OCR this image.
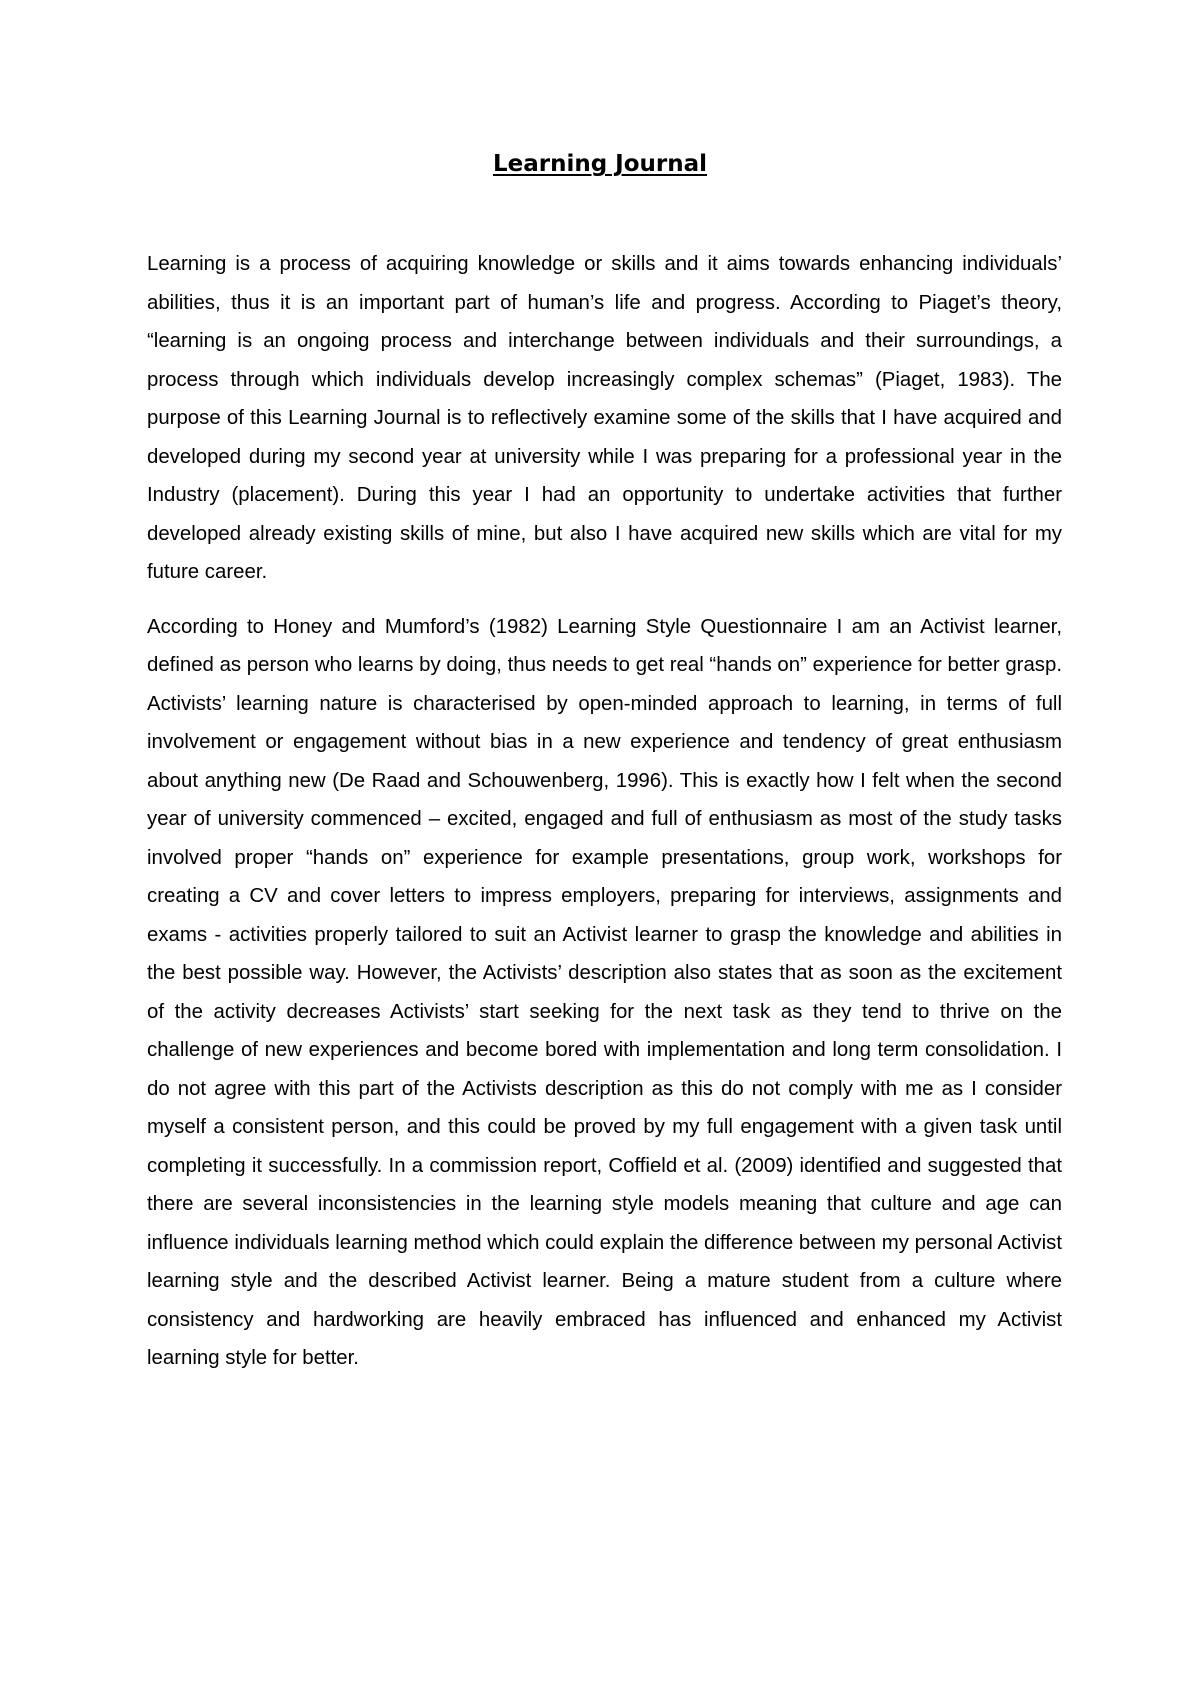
Learning Journal

Learning is a process of acquiring knowledge or skills and it aims towards enhancing individuals’ abilities, thus it is an important part of human’s life and progress. According to Piaget’s theory, “learning is an ongoing process and interchange between individuals and their surroundings, a process through which individuals develop increasingly complex schemas” (Piaget, 1983). The purpose of this Learning Journal is to reflectively examine some of the skills that I have acquired and developed during my second year at university while I was preparing for a professional year in the Industry (placement). During this year I had an opportunity to undertake activities that further developed already existing skills of mine, but also I have acquired new skills which are vital for my future career.

According to Honey and Mumford’s (1982) Learning Style Questionnaire I am an Activist learner, defined as person who learns by doing, thus needs to get real “hands on” experience for better grasp. Activists’ learning nature is characterised by open-minded approach to learning, in terms of full involvement or engagement without bias in a new experience and tendency of great enthusiasm about anything new (De Raad and Schouwenberg, 1996). This is exactly how I felt when the second year of university commenced – excited, engaged and full of enthusiasm as most of the study tasks involved proper “hands on” experience for example presentations, group work, workshops for creating a CV and cover letters to impress employers, preparing for interviews, assignments and exams - activities properly tailored to suit an Activist learner to grasp the knowledge and abilities in the best possible way. However, the Activists’ description also states that as soon as the excitement of the activity decreases Activists’ start seeking for the next task as they tend to thrive on the challenge of new experiences and become bored with implementation and long term consolidation. I do not agree with this part of the Activists description as this do not comply with me as I consider myself a consistent person, and this could be proved by my full engagement with a given task until completing it successfully. In a commission report, Coffield et al. (2009) identified and suggested that there are several inconsistencies in the learning style models meaning that culture and age can influence individuals learning method which could explain the difference between my personal Activist learning style and the described Activist learner. Being a mature student from a culture where consistency and hardworking are heavily embraced has influenced and enhanced my Activist learning style for better.
